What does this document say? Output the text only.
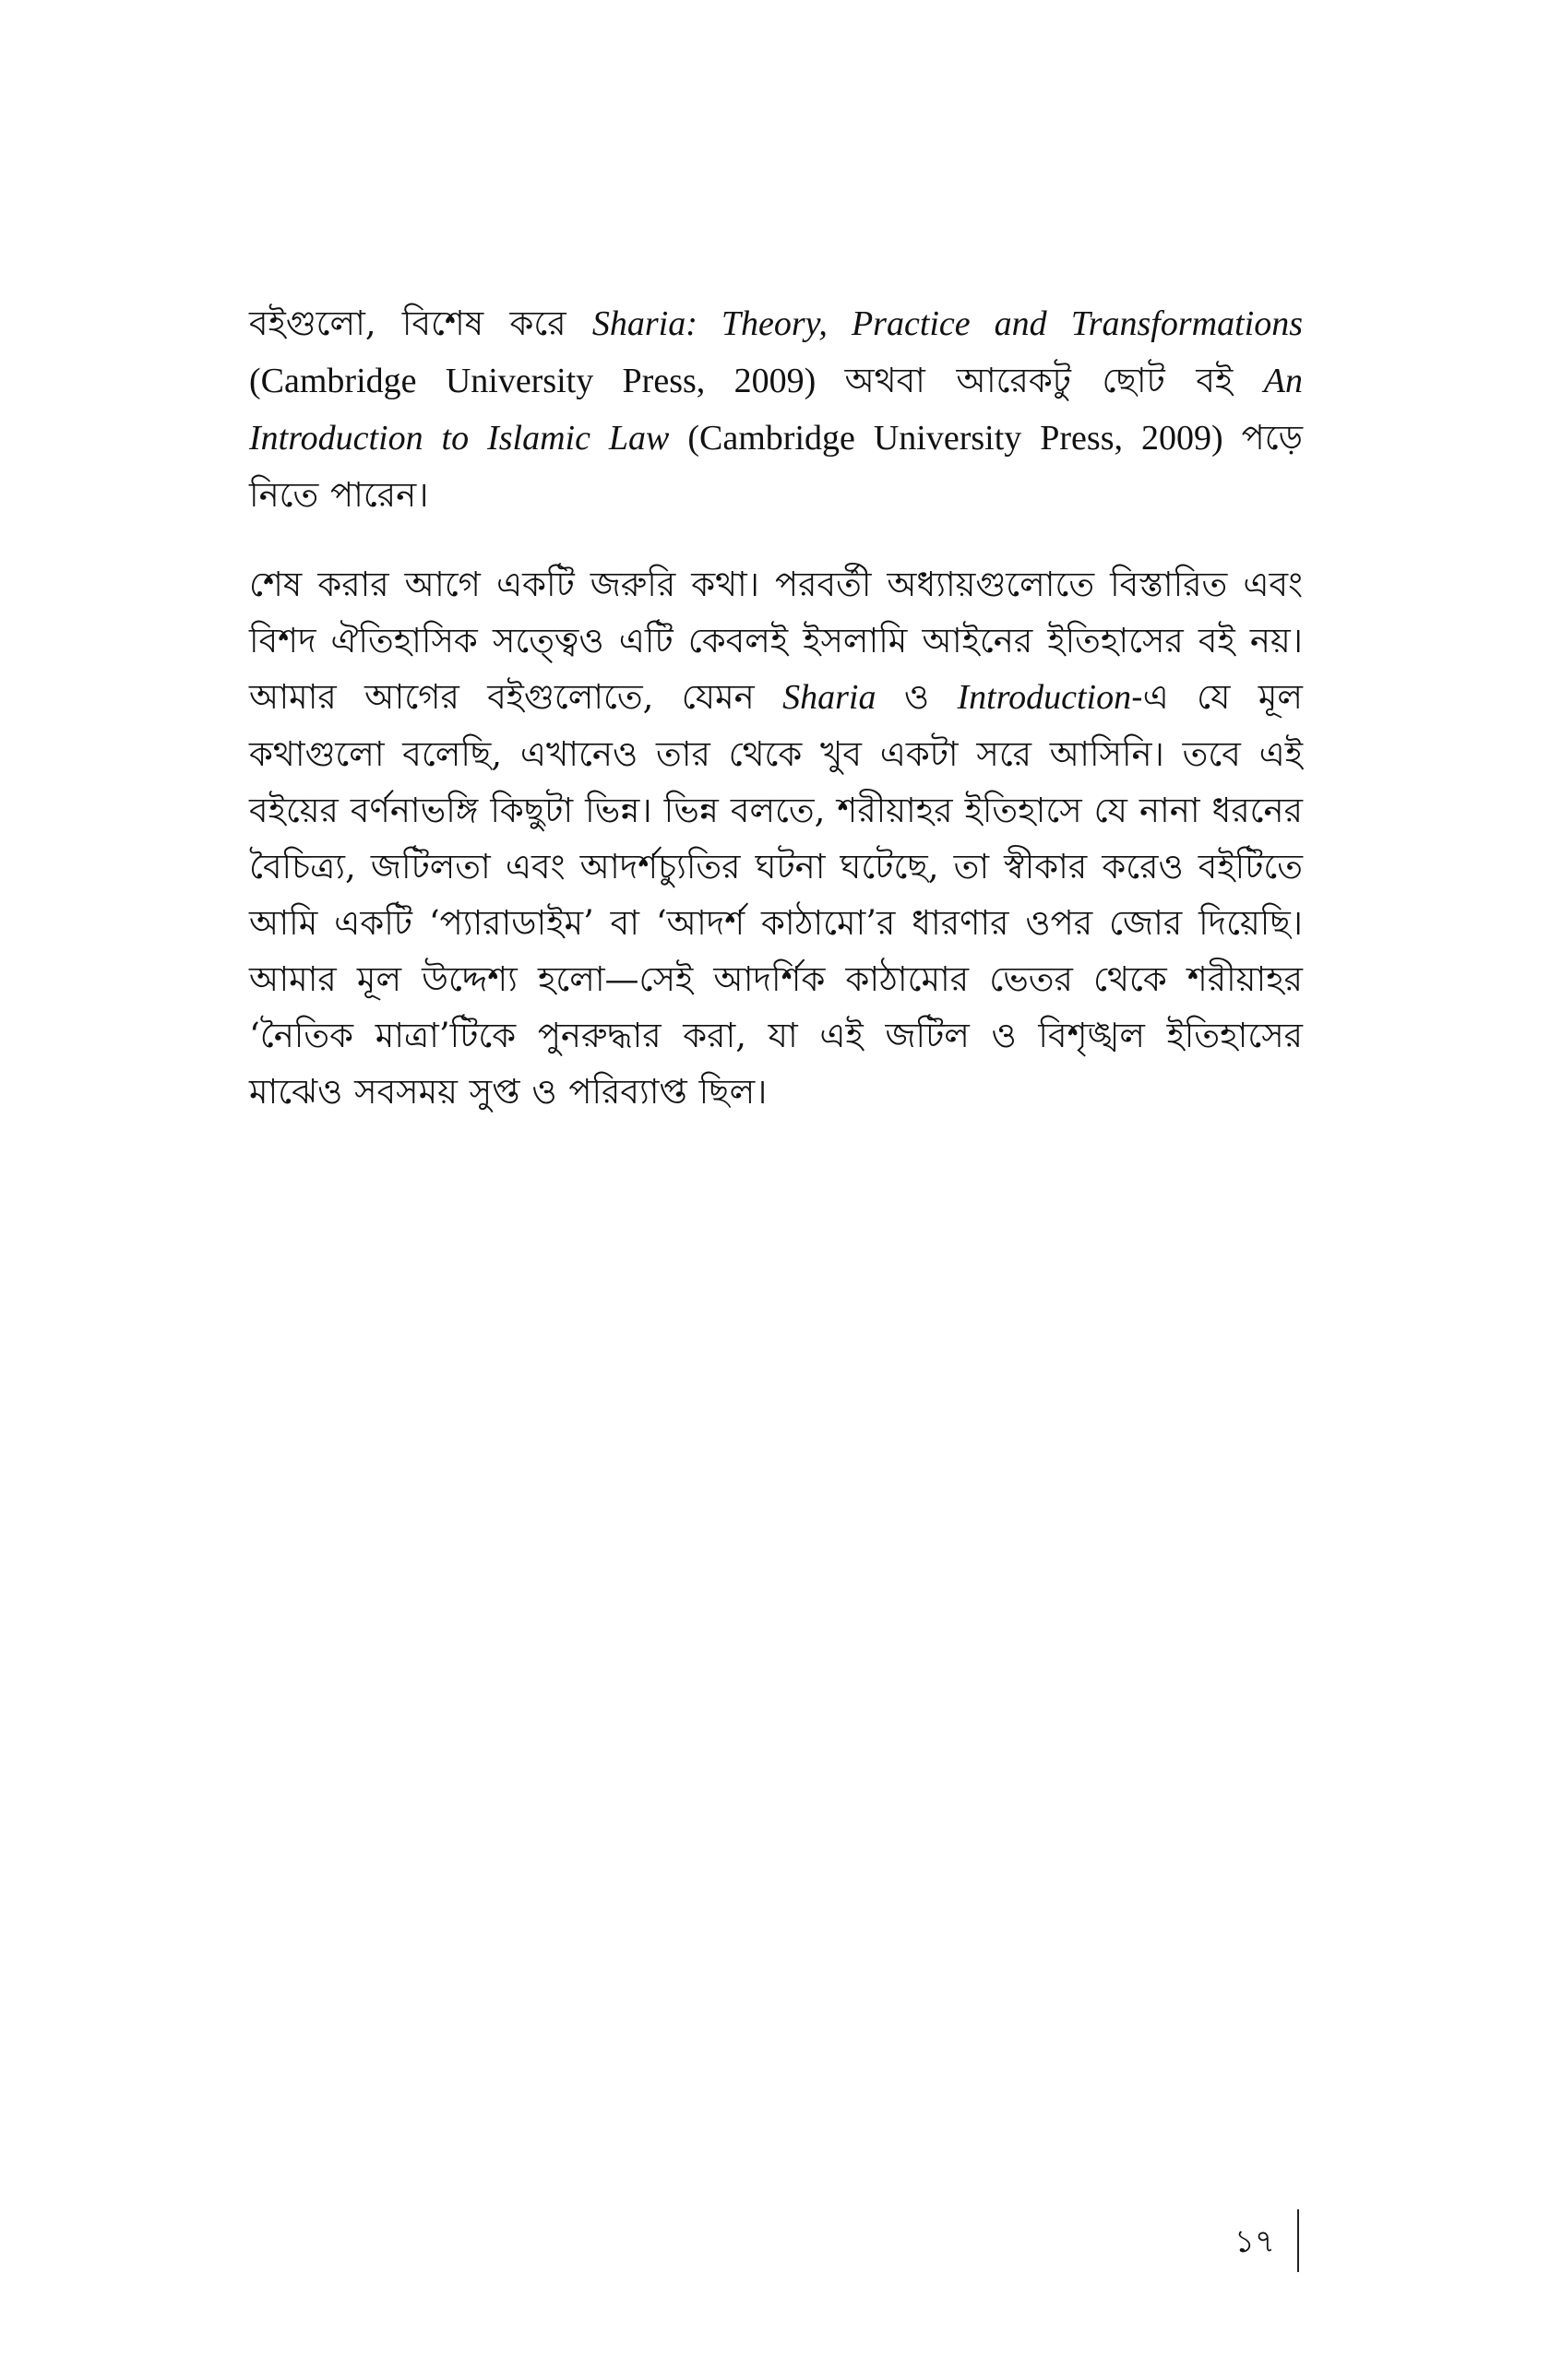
বইগুলো, বিশেষ করে Sharia: Theory, Practice and Transformations (Cambridge University Press, 2009) অথবা আরেকটু ছোট বই An Introduction to Islamic Law (Cambridge University Press, 2009) পড়ে নিতে পারেন।

শেষ করার আগে একটি জরুরি কথা। পরবর্তী অধ্যায়গুলোতে বিস্তারিত এবং বিশদ ঐতিহাসিক সত্ত্বেও এটি কেবলই ইসলামি আইনের ইতিহাসের বই নয়। আমার আগের বইগুলোতে, যেমন Sharia ও Introduction-এ যে মূল কথাগুলো বলেছি, এখানেও তার থেকে খুব একটা সরে আসিনি। তবে এই বইয়ের বর্ণনাভঙ্গি কিছুটা ভিন্ন। ভিন্ন বলতে, শরীয়াহর ইতিহাসে যে নানা ধরনের বৈচিত্র্য, জটিলতা এবং আদর্শচ্যুতির ঘটনা ঘটেছে, তা স্বীকার করেও বইটিতে আমি একটি ‘প্যারাডাইম’ বা ‘আদর্শ কাঠামো’র ধারণার ওপর জোর দিয়েছি। আমার মূল উদ্দেশ্য হলো—সেই আদর্শিক কাঠামোর ভেতর থেকে শরীয়াহর ‘নৈতিক মাত্রা’টিকে পুনরুদ্ধার করা, যা এই জটিল ও বিশৃঙ্খল ইতিহাসের মাঝেও সবসময় সুপ্ত ও পরিব্যাপ্ত ছিল।

১৭
